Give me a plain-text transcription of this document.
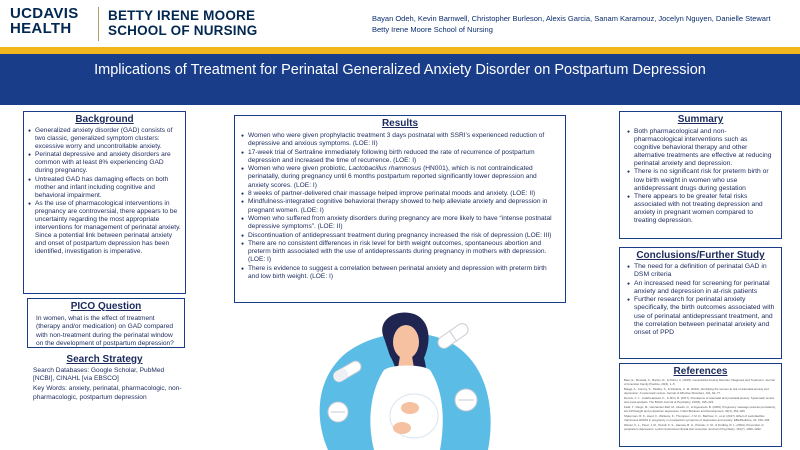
UCDAVIS
HEALTH
BETTY IRENE MOORE
SCHOOL OF NURSING
Bayan Odeh, Kevin Barnwell, Christopher Burleson, Alexis Garcia, Sanam Karamouz, Jocelyn Nguyen, Danielle Stewart
Betty Irene Moore School of Nursing
Implications of Treatment for Perinatal Generalized Anxiety Disorder on Postpartum Depression
Background
● Generalized anxiety disorder (GAD) consists of two classic, generalized symptom clusters: excessive worry and uncontrollable anxiety.
● Perinatal depressive and anxiety disorders are common with at least 8% experiencing GAD during pregnancy.
● Untreated GAD has damaging effects on both mother and infant including cognitive and behavioral impairment.
● As the use of pharmacological interventions in pregnancy are controversial, there appears to be uncertainty regarding the most appropriate interventions for management of perinatal anxiety. Since a potential link between perinatal anxiety and onset of postpartum depression has been identified, investigation is imperative.
PICO Question
In women, what is the effect of treatment (therapy and/or medication) on GAD compared with non-treatment during the perinatal window on the development of postpartum depression?
Search Strategy
Search Databases: Google Scholar, PubMed [NCBI], CINAHL [via EBSCO]
Key Words: anxiety, perinatal, pharmacologic, non-pharmacologic, postpartum depression
Results
● Women who were given prophylactic treatment 3 days postnatal with SSRI’s experienced reduction of depressive and anxious symptoms. (LOE: II)
● 17-week trial of Sertraline immediately following birth reduced the rate of recurrence of postpartum depression and increased the time of recurrence. (LOE: I)
● Women who were given probiotic, Lactobacillus rhamnosus (HN001), which is not contraindicated perinatally, during pregnancy until 6 months postpartum reported significantly lower depression and anxiety scores. (LOE: I)
● 8 weeks of partner-delivered chair massage helped improve perinatal moods and anxiety. (LOE: II)
● Mindfulness-integrated cognitive behavioral therapy showed to help alleviate anxiety and depression in pregnant women. (LOE: I)
● Women who suffered from anxiety disorders during pregnancy are more likely to have “intense postnatal depressive symptoms”. (LOE: II)
● Discontinuation of antidepressant treatment during pregnancy increased the risk of depression (LOE: III)
● There are no consistent differences in risk level for birth weight outcomes, spontaneous abortion and preterm birth associated with the use of antidepressants during pregnancy in mothers with depression. (LOE: I)
● There is evidence to suggest a correlation between perinatal anxiety and depression with preterm birth and low birth weight. (LOE: I)
Summary
● Both pharmacological and non-pharmacological interventions such as cognitive behavioral therapy and other alternative treatments are effective at reducing perinatal anxiety and depression.
● There is no significant risk for preterm birth or low birth weight in women who use antidepressant drugs during gestation
● There appears to be greater fetal risks associated with not treating depression and anxiety in pregnant women compared to treating depression.
Conclusions/Further Study
● The need for a definition of perinatal GAD in DSM criteria
● An increased need for screening for perinatal anxiety and depression in at-risk patients
● Further research for perinatal anxiety specifically, the birth outcomes associated with use of perinatal antidepressant treatment, and the correlation between perinatal anxiety and onset of PPD
References

Baer, E., Mostafa, C., Barton, R., & Fisher, A. (2018). Generalized Anxiety Disorder: Diagnosis and Treatment. Journal of American Family Practice, 29(4), 1–5.

Biaggi, A., Conroy, S., Pawlby, S., & Pariante, C. M. (2016). Identifying the women at risk of antenatal anxiety and depression: A systematic review. Journal of Affective Disorders, 191, 62–77.

Dennis, C. L., Falah-Hassani, K., & Shiri, R. (2017). Prevalence of antenatal and postnatal anxiety: Systematic review and meta-analysis. The British Journal of Psychiatry, 210(5), 315–323.

Field, T., Diego, M., Hernandez-Reif, M., Deeds, O., & Figueiredo, B. (2009). Pregnancy massage reduces prematurity, low birthweight and postpartum depression. Infant Behavior and Development, 32(4), 454–460.

Slykerman, R. F., Hood, F., Wickens, K., Thompson, J. M. D., Barthow, C., et al. (2017). Effect of Lactobacillus rhamnosus HN001 in pregnancy on postpartum symptoms of depression and anxiety. EBioMedicine, 24, 159–165.

Wisner, K. L., Perel, J. M., Peindl, K. S., Hanusa, B. H., Piontek, C. M., & Findling, R. L. (2004). Prevention of postpartum depression: a pilot randomized clinical trial. American Journal of Psychiatry, 161(7), 1290–1292.
